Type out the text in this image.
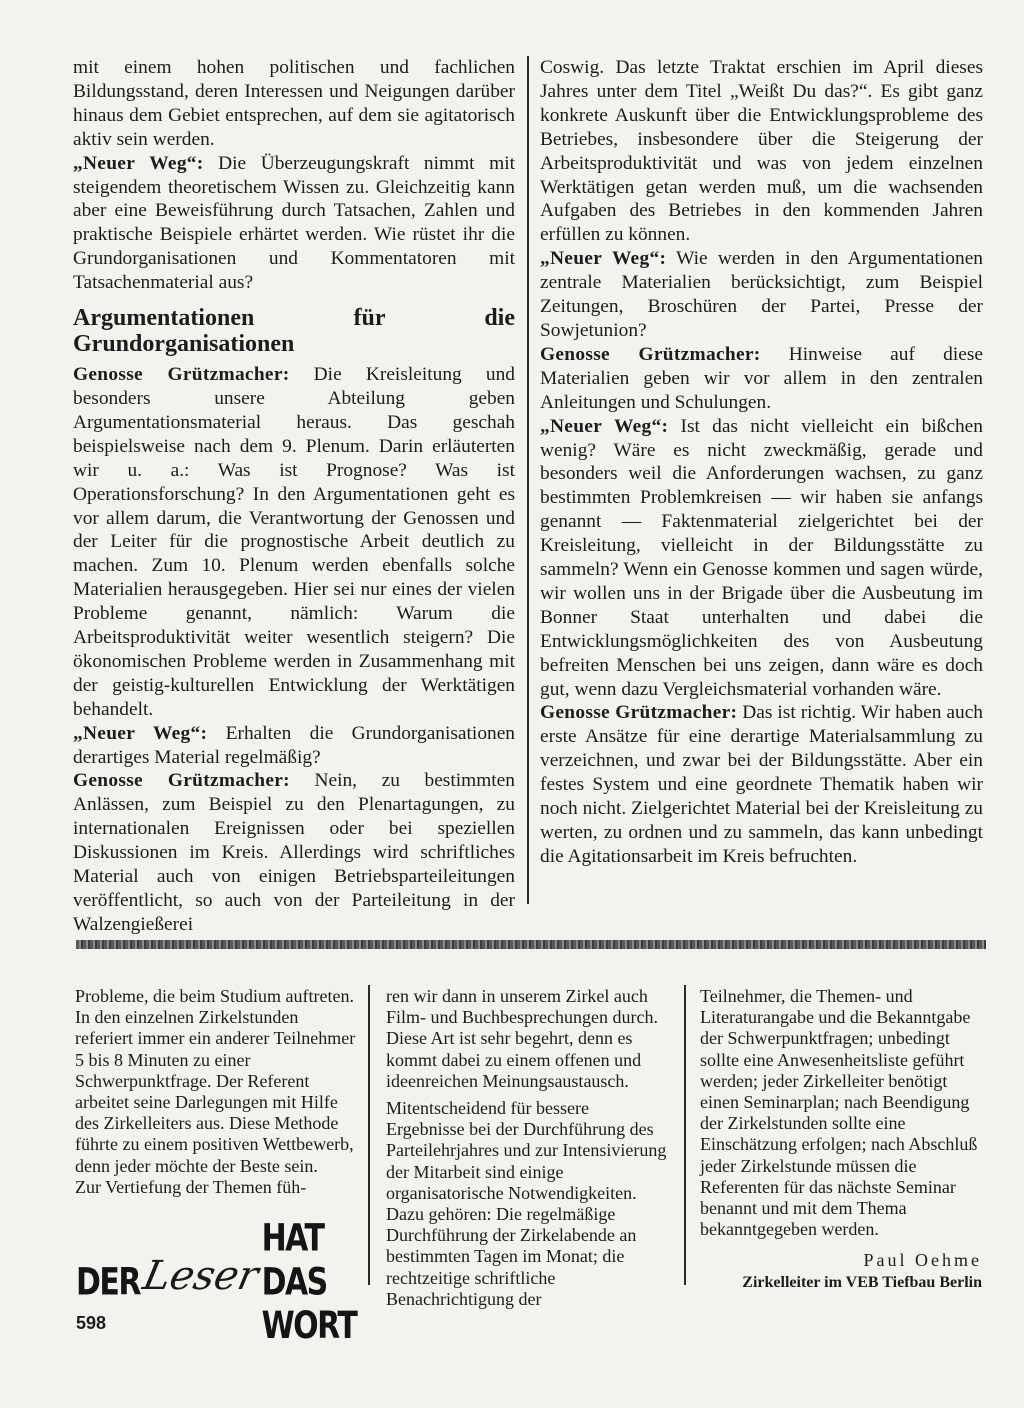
mit einem hohen politischen und fachlichen Bildungsstand, deren Interessen und Neigungen darüber hinaus dem Gebiet entsprechen, auf dem sie agitatorisch aktiv sein werden.

„Neuer Weg“: Die Überzeugungskraft nimmt mit steigendem theoretischem Wissen zu. Gleichzeitig kann aber eine Beweisführung durch Tatsachen, Zahlen und praktische Beispiele erhärtet werden. Wie rüstet ihr die Grundorganisationen und Kommentatoren mit Tatsachenmaterial aus?

Argumentationen für die Grundorganisationen

Genosse Grützmacher: Die Kreisleitung und besonders unsere Abteilung geben Argumentationsmaterial heraus. Das geschah beispielsweise nach dem 9. Plenum. Darin erläuterten wir u. a.: Was ist Prognose? Was ist Operationsforschung? In den Argumentationen geht es vor allem darum, die Verantwortung der Genossen und der Leiter für die prognostische Arbeit deutlich zu machen. Zum 10. Plenum werden ebenfalls solche Materialien herausgegeben. Hier sei nur eines der vielen Probleme genannt, nämlich: Warum die Arbeitsproduktivität weiter wesentlich steigern? Die ökonomischen Probleme werden in Zusammenhang mit der geistig-kulturellen Entwicklung der Werktätigen behandelt.

„Neuer Weg“: Erhalten die Grundorganisationen derartiges Material regelmäßig?

Genosse Grützmacher: Nein, zu bestimmten Anlässen, zum Beispiel zu den Plenartagungen, zu internationalen Ereignissen oder bei speziellen Diskussionen im Kreis. Allerdings wird schriftliches Material auch von einigen Betriebsparteileitungen veröffentlicht, so auch von der Parteileitung in der Walzengießerei

Coswig. Das letzte Traktat erschien im April dieses Jahres unter dem Titel „Weißt Du das?“. Es gibt ganz konkrete Auskunft über die Entwicklungsprobleme des Betriebes, insbesondere über die Steigerung der Arbeitsproduktivität und was von jedem einzelnen Werktätigen getan werden muß, um die wachsenden Aufgaben des Betriebes in den kommenden Jahren erfüllen zu können.

„Neuer Weg“: Wie werden in den Argumentationen zentrale Materialien berücksichtigt, zum Beispiel Zeitungen, Broschüren der Partei, Presse der Sowjetunion?

Genosse Grützmacher: Hinweise auf diese Materialien geben wir vor allem in den zentralen Anleitungen und Schulungen.

„Neuer Weg“: Ist das nicht vielleicht ein bißchen wenig? Wäre es nicht zweckmäßig, gerade und besonders weil die Anforderungen wachsen, zu ganz bestimmten Problemkreisen — wir haben sie anfangs genannt — Faktenmaterial zielgerichtet bei der Kreisleitung, vielleicht in der Bildungsstätte zu sammeln? Wenn ein Genosse kommen und sagen würde, wir wollen uns in der Brigade über die Ausbeutung im Bonner Staat unterhalten und dabei die Entwicklungsmöglichkeiten des von Ausbeutung befreiten Menschen bei uns zeigen, dann wäre es doch gut, wenn dazu Vergleichsmaterial vorhanden wäre.

Genosse Grützmacher: Das ist richtig. Wir haben auch erste Ansätze für eine derartige Materialsammlung zu verzeichnen, und zwar bei der Bildungsstätte. Aber ein festes System und eine geordnete Thematik haben wir noch nicht. Zielgerichtet Material bei der Kreisleitung zu werten, zu ordnen und zu sammeln, das kann unbedingt die Agitationsarbeit im Kreis befruchten.

Probleme, die beim Studium auftreten.

In den einzelnen Zirkelstunden referiert immer ein anderer Teilnehmer 5 bis 8 Minuten zu einer Schwerpunktfrage. Der Referent arbeitet seine Darlegungen mit Hilfe des Zirkelleiters aus. Diese Methode führte zu einem positiven Wettbewerb, denn jeder möchte der Beste sein.

Zur Vertiefung der Themen füh-

ren wir dann in unserem Zirkel auch Film- und Buchbesprechungen durch. Diese Art ist sehr begehrt, denn es kommt dabei zu einem offenen und ideenreichen Meinungsaustausch.

Mitentscheidend für bessere Ergebnisse bei der Durchführung des Parteilehrjahres und zur Intensivierung der Mitarbeit sind einige organisatorische Notwendigkeiten. Dazu gehören: Die regelmäßige Durchführung der Zirkelabende an bestimmten Tagen im Monat; die rechtzeitige schriftliche Benachrichtigung der

Teilnehmer, die Themen- und Literaturangabe und die Bekanntgabe der Schwerpunktfragen; unbedingt sollte eine Anwesenheitsliste geführt werden; jeder Zirkelleiter benötigt einen Seminarplan; nach Beendigung der Zirkelstunden sollte eine Einschätzung erfolgen; nach Abschluß jeder Zirkelstunde müssen die Referenten für das nächste Seminar benannt und mit dem Thema bekanntgegeben werden.

Paul Oehme

Zirkelleiter im VEB Tiefbau Berlin

DER Leser
HAT DAS WORT
598
